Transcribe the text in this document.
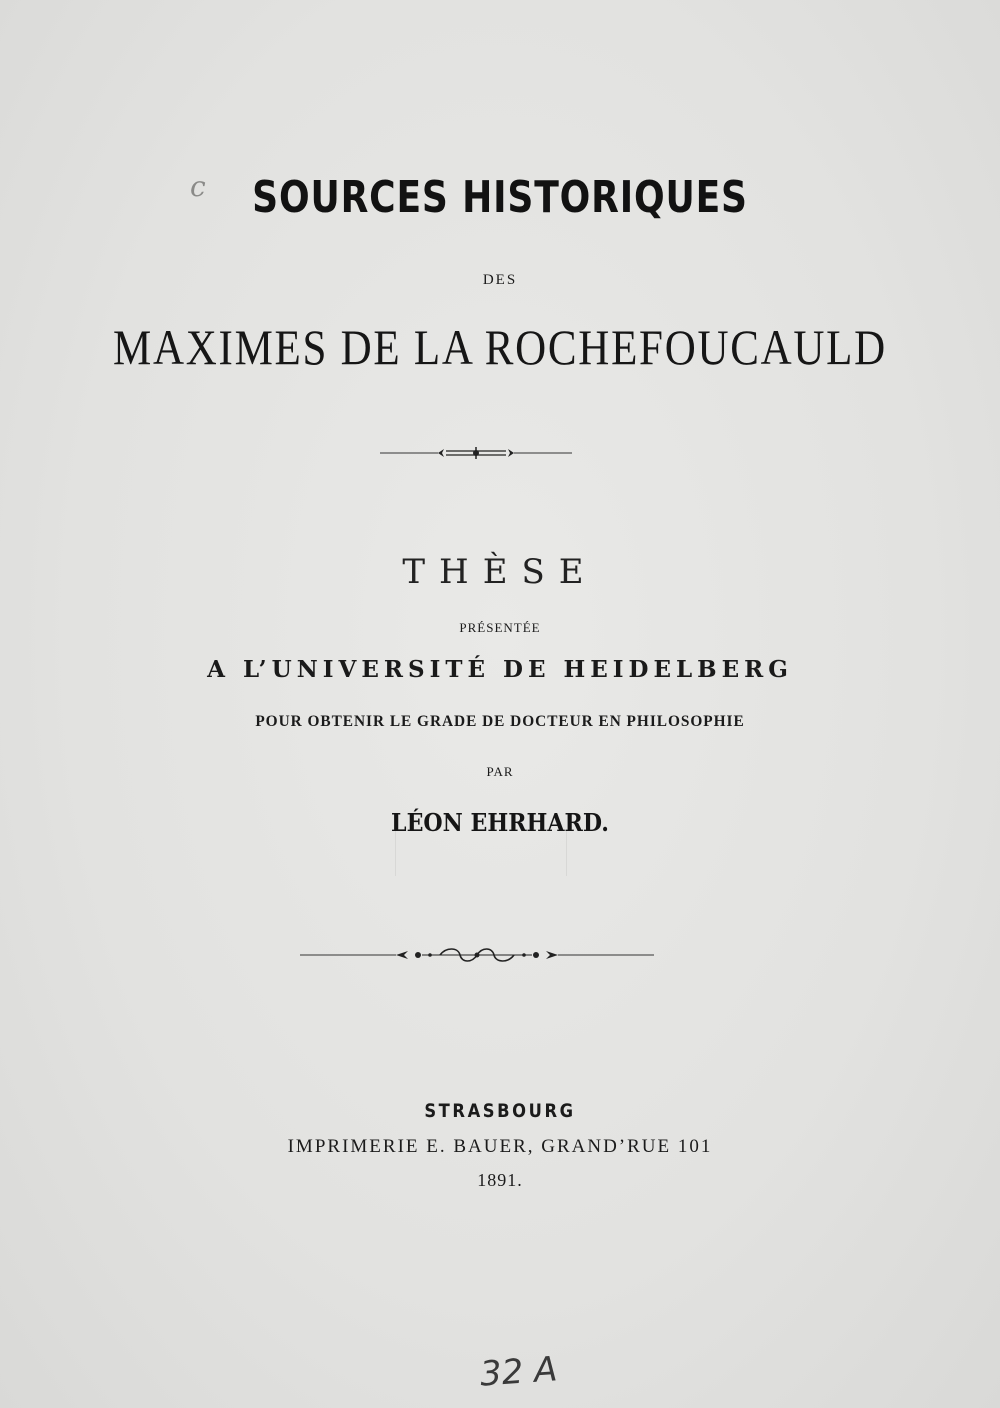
c	SOURCES HISTORIQUES
DES
MAXIMES DE LA ROCHEFOUCAULD
THÈSE
PRÉSENTÉE
A L’UNIVERSITÉ DE HEIDELBERG
POUR OBTENIR LE GRADE DE DOCTEUR EN PHILOSOPHIE
PAR
LÉON EHRHARD.
STRASBOURG
IMPRIMERIE E. BAUER, GRAND’RUE 101
1891.
32 A
